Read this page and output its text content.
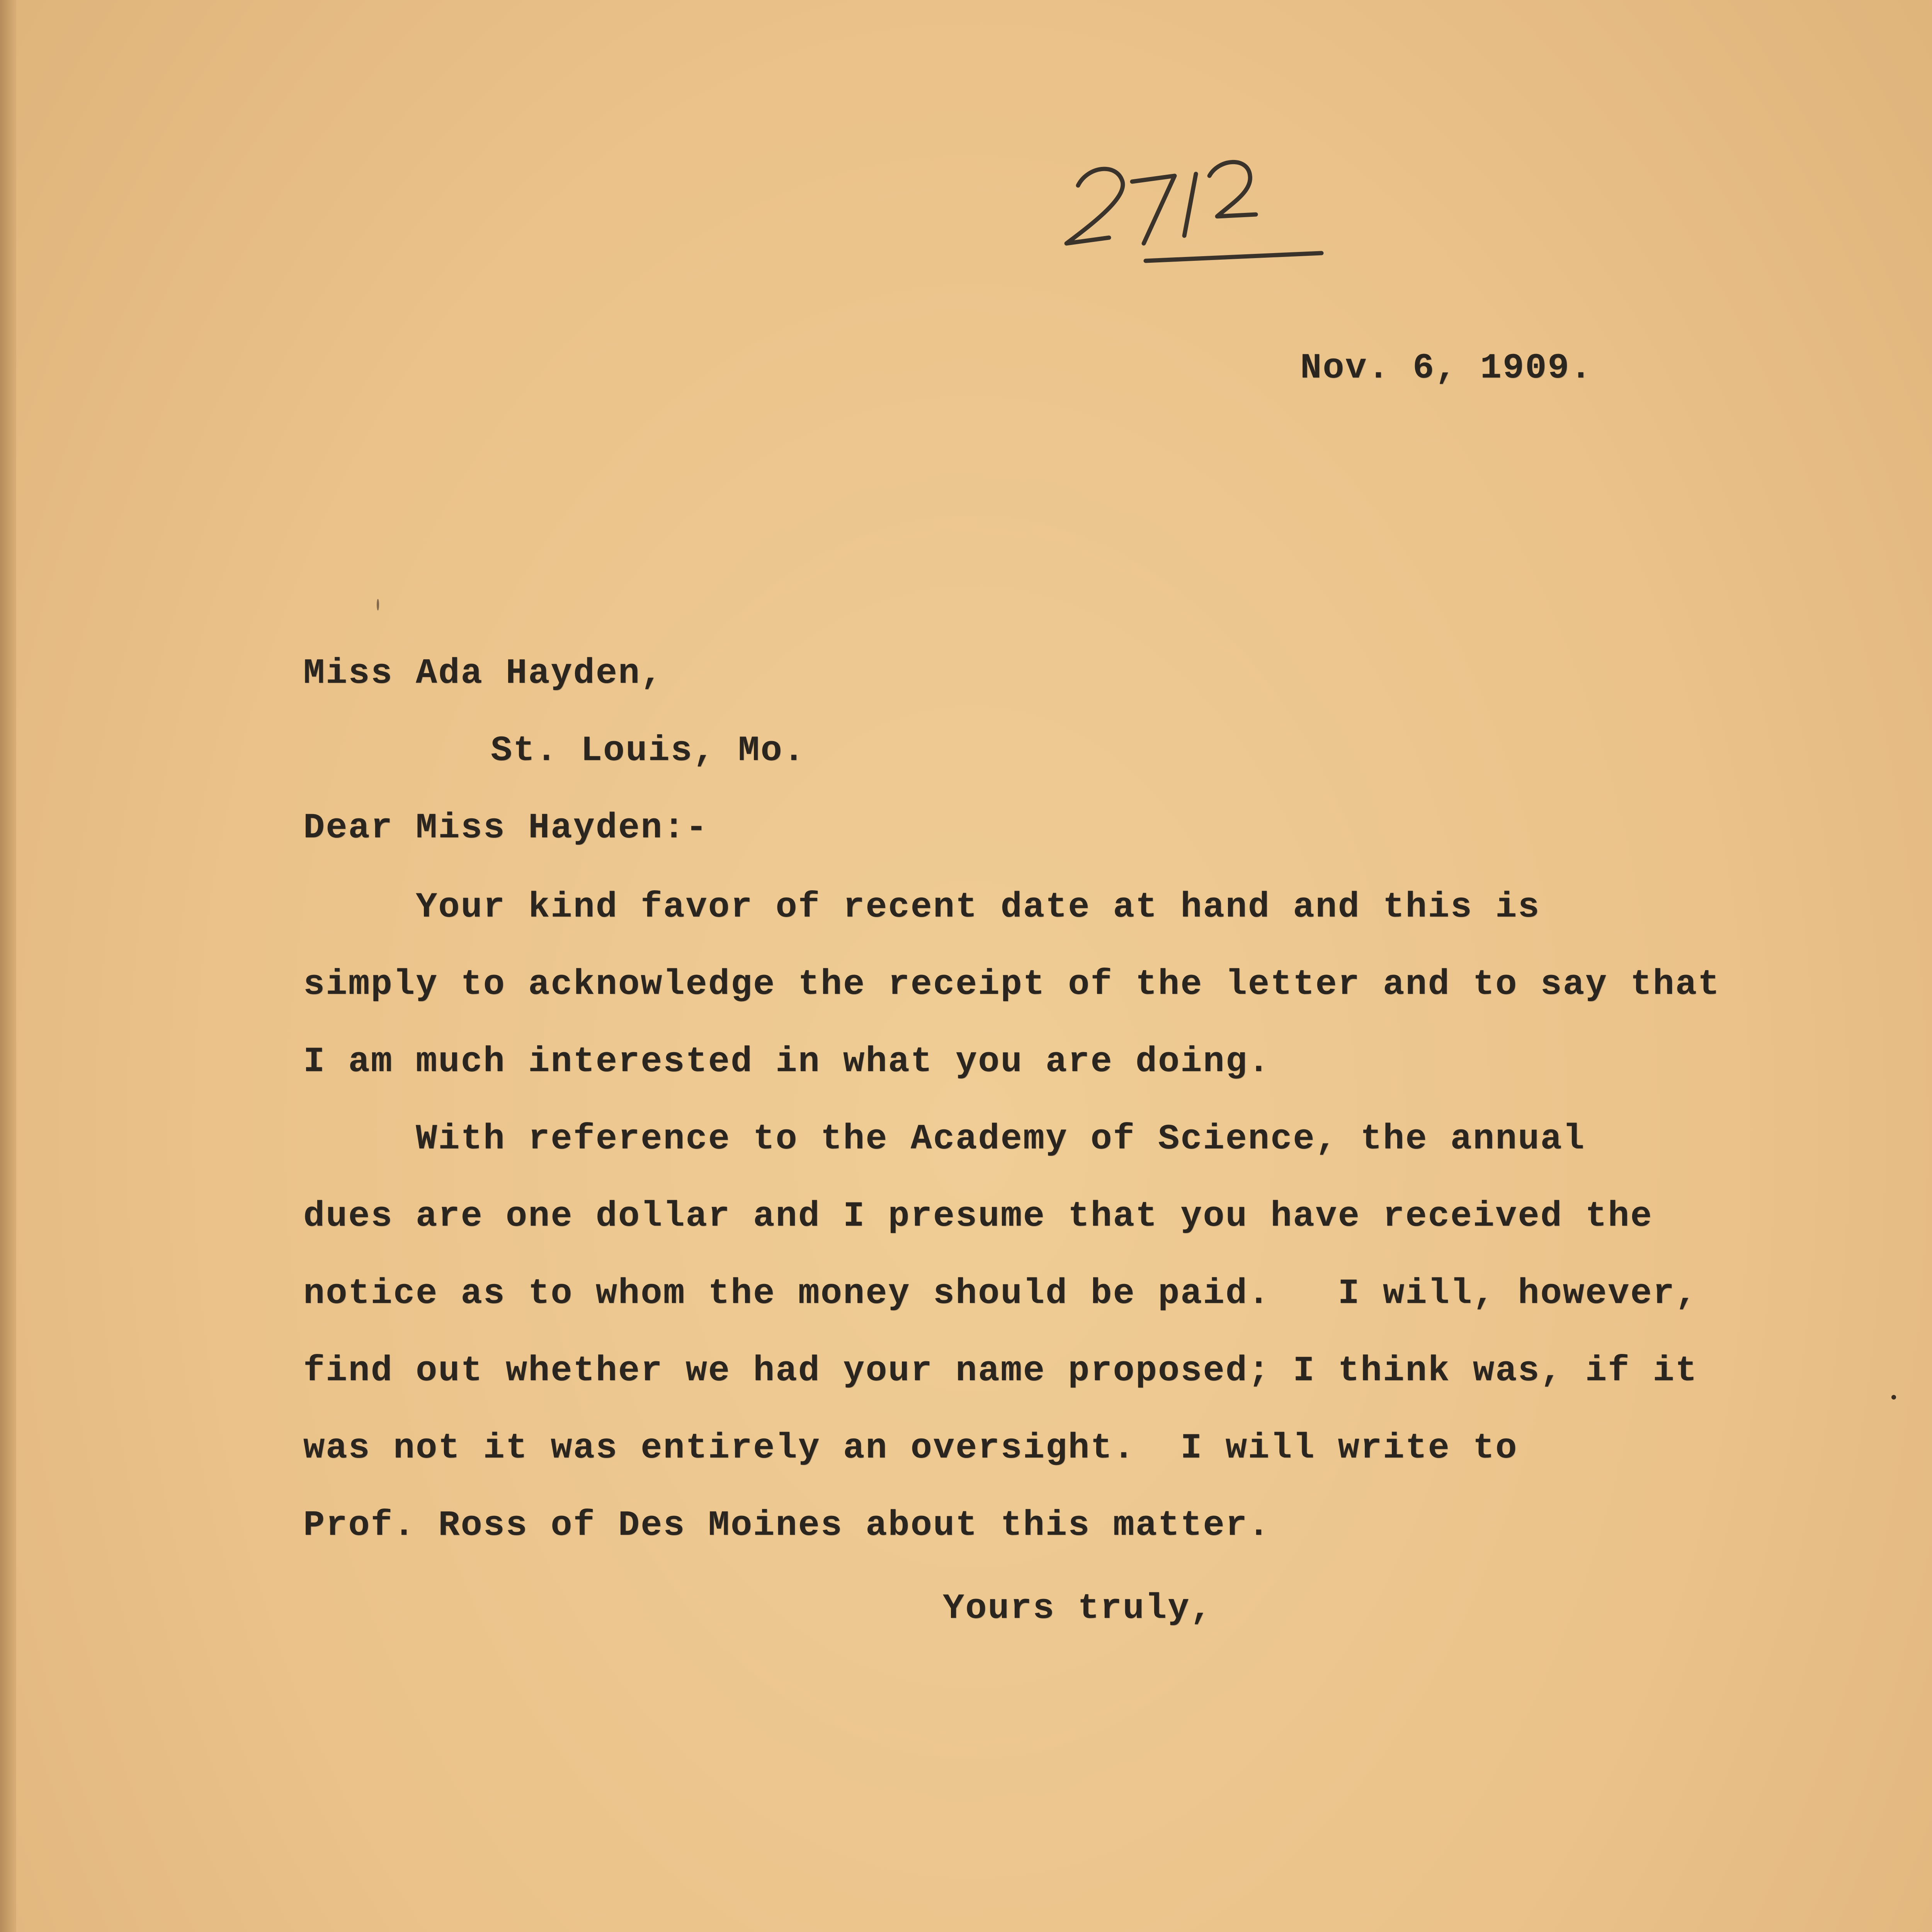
Nov. 6, 1909.

Miss Ada Hayden,

St. Louis, Mo.

Dear Miss Hayden:-

Your kind favor of recent date at hand and this is

simply to acknowledge the receipt of the letter and to say that

I am much interested in what you are doing.

With reference to the Academy of Science, the annual

dues are one dollar and I presume that you have received the

notice as to whom the money should be paid.   I will, however,

find out whether we had your name proposed; I think was, if it

was not it was entirely an oversight.  I will write to

Prof. Ross of Des Moines about this matter.

Yours truly,
